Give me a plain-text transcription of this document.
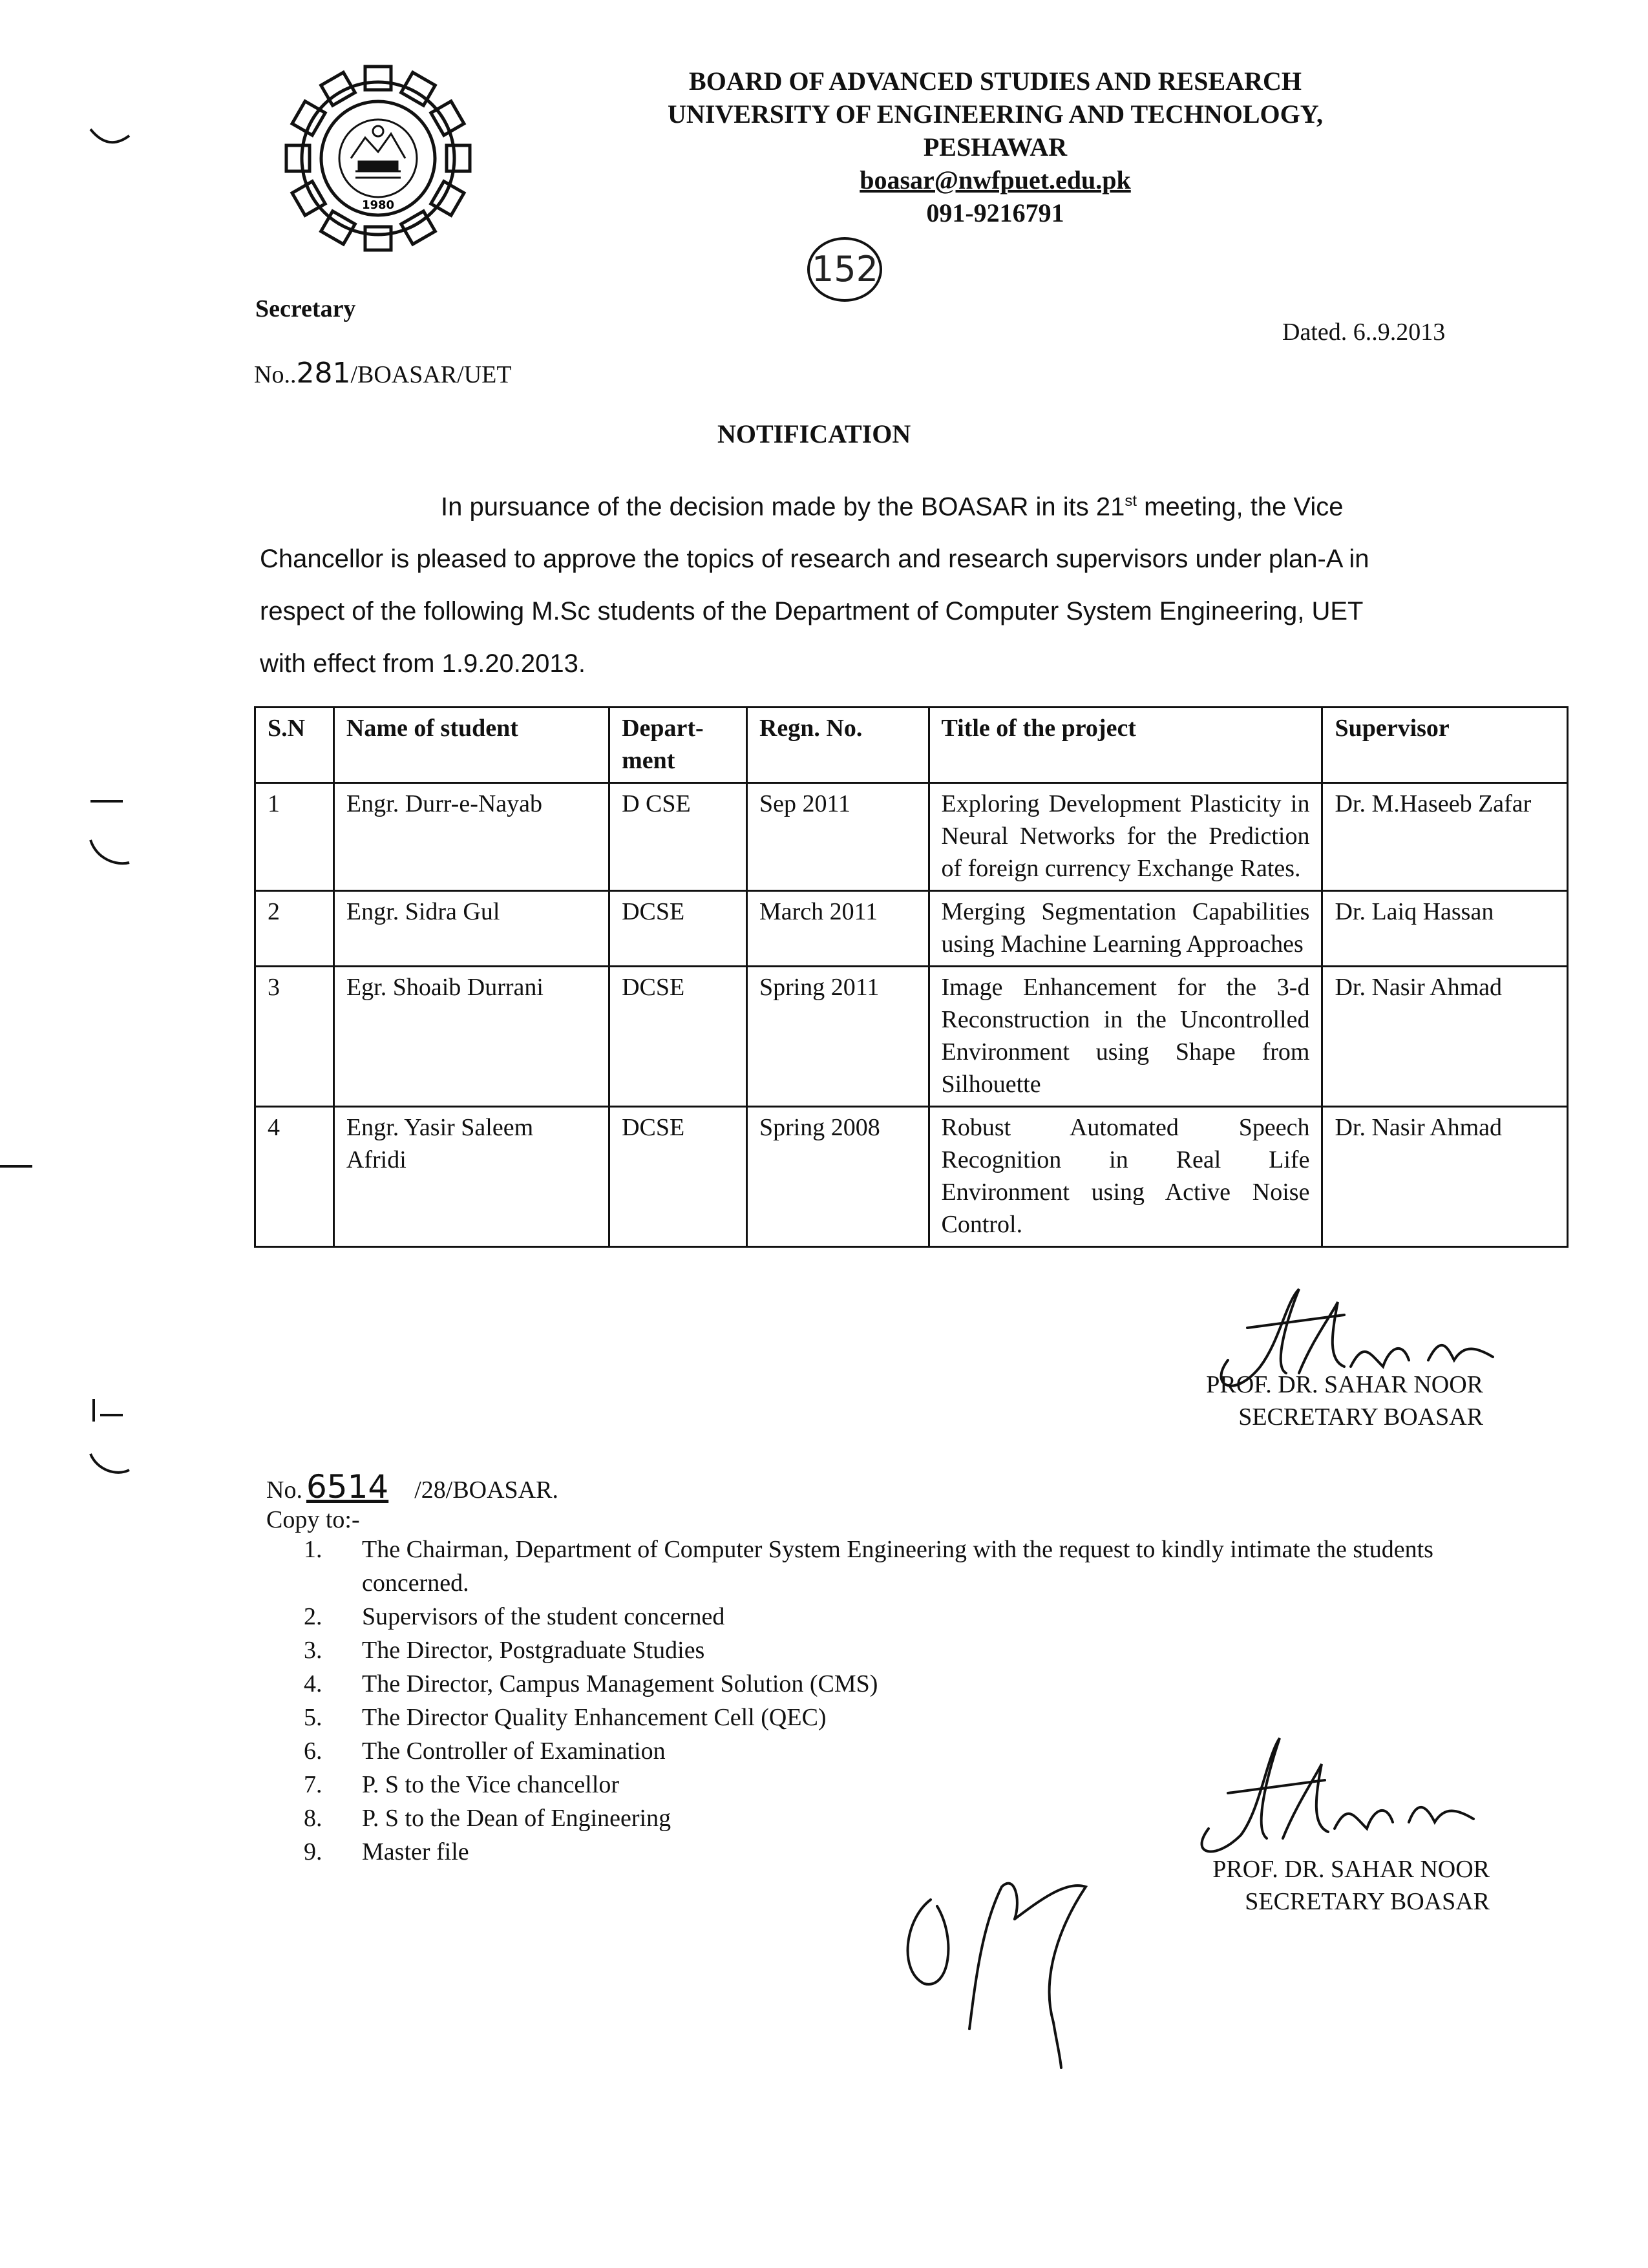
1980
BOARD OF ADVANCED STUDIES AND RESEARCH
UNIVERSITY OF ENGINEERING AND TECHNOLOGY,
PESHAWAR
boasar@nwfpuet.edu.pk
091-9216791
152
Secretary
Dated. 6..9.2013
No..281/BOASAR/UET
NOTIFICATION

In pursuance of the decision made by the BOASAR in its 21st meeting, the Vice

Chancellor is pleased to approve the topics of research and research supervisors under plan-A in

respect of the following M.Sc students of the Department of Computer System Engineering, UET

with effect from 1.9.20.2013.

S.N	Name of student	Depart-ment	Regn. No.	Title of the project	Supervisor
1	Engr. Durr-e-Nayab	D CSE	Sep 2011	Exploring Development Plasticity in Neural Networks for the Prediction of foreign currency Exchange Rates.	Dr. M.Haseeb Zafar
2	Engr. Sidra Gul	DCSE	March 2011	Merging Segmentation Capabilities using Machine Learning Approaches	Dr. Laiq Hassan
3	Egr. Shoaib Durrani	DCSE	Spring 2011	Image Enhancement for the 3-d Reconstruction in the Uncontrolled Environment using Shape from Silhouette	Dr. Nasir Ahmad
4	Engr. Yasir Saleem Afridi	DCSE	Spring 2008	Robust Automated Speech Recognition in Real Life Environment using Active Noise Control.	Dr. Nasir Ahmad
PROF. DR. SAHAR NOOR
SECRETARY BOASAR
No. 6514 /28/BOASAR.
Copy to:-
1.	The Chairman, Department of Computer System Engineering with the request to kindly intimate the students concerned.
2.	Supervisors of the student concerned
3.	The Director, Postgraduate Studies
4.	The Director, Campus Management Solution (CMS)
5.	The Director Quality Enhancement Cell (QEC)
6.	The Controller of Examination
7.	P. S to the Vice chancellor
8.	P. S to the Dean of Engineering
9.	Master file
PROF. DR. SAHAR NOOR
SECRETARY BOASAR
